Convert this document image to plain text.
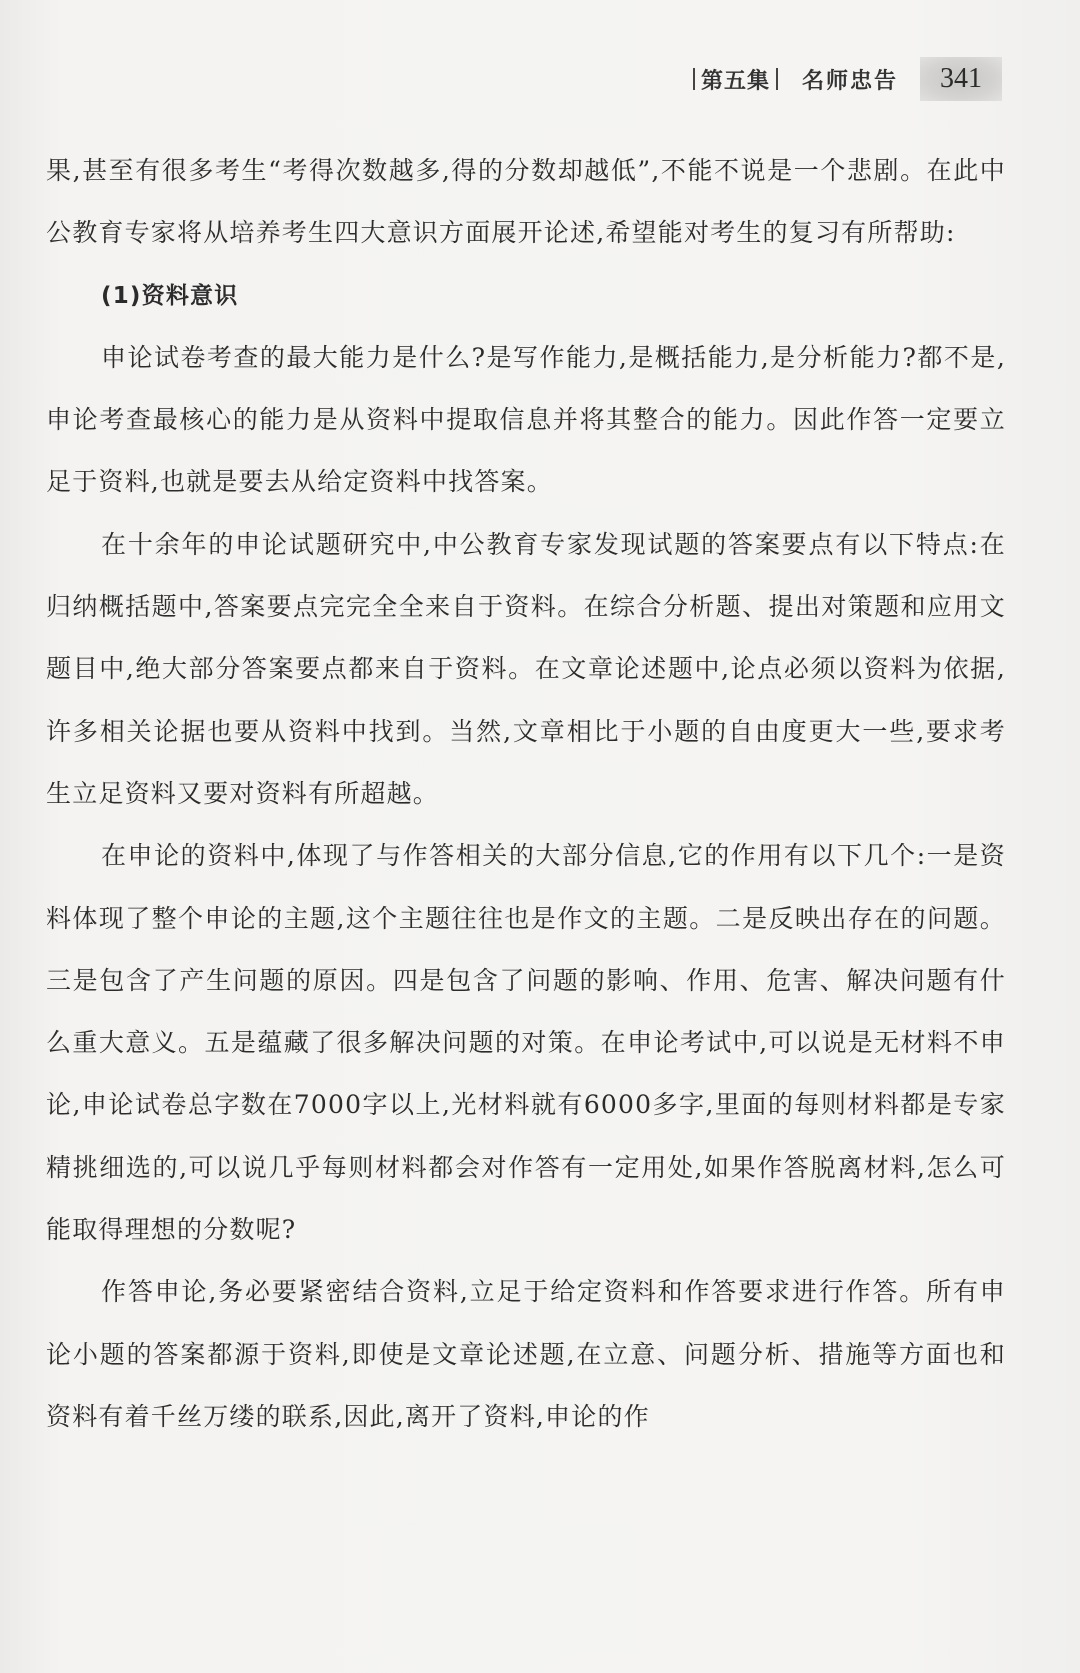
第五集 名师忠告 341

果,甚至有很多考生“考得次数越多,得的分数却越低”,不能不说是一个悲剧。在此中公教育专家将从培养考生四大意识方面展开论述,希望能对考生的复习有所帮助:

(1)资料意识

申论试卷考查的最大能力是什么?是写作能力,是概括能力,是分析能力?都不是,申论考查最核心的能力是从资料中提取信息并将其整合的能力。因此作答一定要立足于资料,也就是要去从给定资料中找答案。

在十余年的申论试题研究中,中公教育专家发现试题的答案要点有以下特点:在归纳概括题中,答案要点完完全全来自于资料。在综合分析题、提出对策题和应用文题目中,绝大部分答案要点都来自于资料。在文章论述题中,论点必须以资料为依据,许多相关论据也要从资料中找到。当然,文章相比于小题的自由度更大一些,要求考生立足资料又要对资料有所超越。

在申论的资料中,体现了与作答相关的大部分信息,它的作用有以下几个:一是资料体现了整个申论的主题,这个主题往往也是作文的主题。二是反映出存在的问题。三是包含了产生问题的原因。四是包含了问题的影响、作用、危害、解决问题有什么重大意义。五是蕴藏了很多解决问题的对策。在申论考试中,可以说是无材料不申论,申论试卷总字数在7000字以上,光材料就有6000多字,里面的每则材料都是专家精挑细选的,可以说几乎每则材料都会对作答有一定用处,如果作答脱离材料,怎么可能取得理想的分数呢?

作答申论,务必要紧密结合资料,立足于给定资料和作答要求进行作答。所有申论小题的答案都源于资料,即使是文章论述题,在立意、问题分析、措施等方面也和资料有着千丝万缕的联系,因此,离开了资料,申论的作
